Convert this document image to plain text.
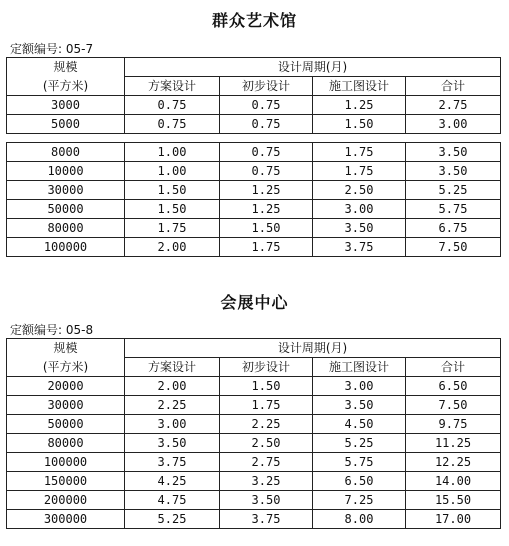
群众艺术馆
定额编号: 05-7
规模	设计周期(月)			
(平方米)	方案设计	初步设计	施工图设计	合计
3000	0.75	0.75	1.25	2.75
5000	0.75	0.75	1.50	3.00
8000	1.00	0.75	1.75	3.50
10000	1.00	0.75	1.75	3.50
30000	1.50	1.25	2.50	5.25
50000	1.50	1.25	3.00	5.75
80000	1.75	1.50	3.50	6.75
100000	2.00	1.75	3.75	7.50
会展中心
定额编号: 05-8
规模	设计周期(月)			
(平方米)	方案设计	初步设计	施工图设计	合计
20000	2.00	1.50	3.00	6.50
30000	2.25	1.75	3.50	7.50
50000	3.00	2.25	4.50	9.75
80000	3.50	2.50	5.25	11.25
100000	3.75	2.75	5.75	12.25
150000	4.25	3.25	6.50	14.00
200000	4.75	3.50	7.25	15.50
300000	5.25	3.75	8.00	17.00
